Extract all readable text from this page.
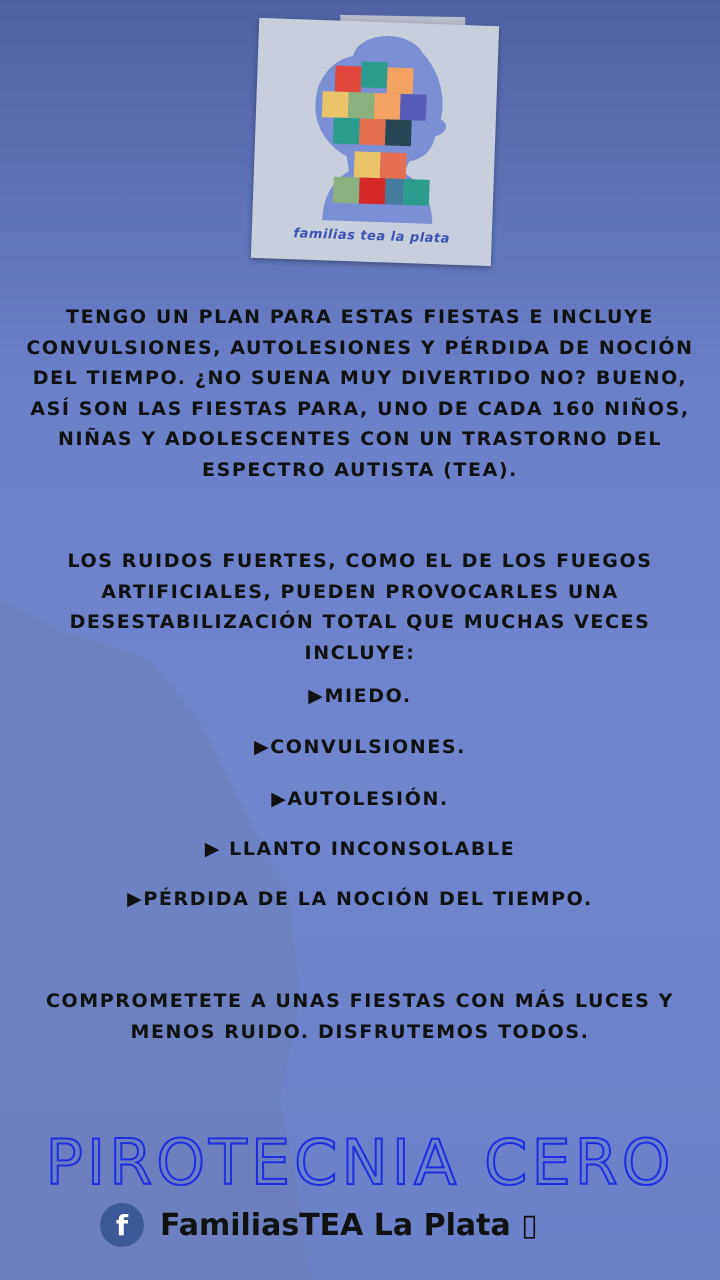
familias tea la plata
TENGO UN PLAN PARA ESTAS FIESTAS E INCLUYE CONVULSIONES, AUTOLESIONES Y PÉRDIDA DE NOCIÓN DEL TIEMPO. ¿NO SUENA MUY DIVERTIDO NO? BUENO, ASÍ SON LAS FIESTAS PARA, UNO DE CADA 160 NIÑOS, NIÑAS Y ADOLESCENTES CON UN TRASTORNO DEL ESPECTRO AUTISTA (TEA).
LOS RUIDOS FUERTES, COMO EL DE LOS FUEGOS ARTIFICIALES, PUEDEN PROVOCARLES UNA DESESTABILIZACIÓN TOTAL QUE MUCHAS VECES INCLUYE:
▶MIEDO.
▶CONVULSIONES.
▶AUTOLESIÓN.
▶ LLANTO INCONSOLABLE
▶PÉRDIDA DE LA NOCIÓN DEL TIEMPO.
COMPROMETETE A UNAS FIESTAS CON MÁS LUCES Y MENOS RUIDO. DISFRUTEMOS TODOS.
PIROTECNIA CERO
f	FamiliasTEA La Plata ▯
